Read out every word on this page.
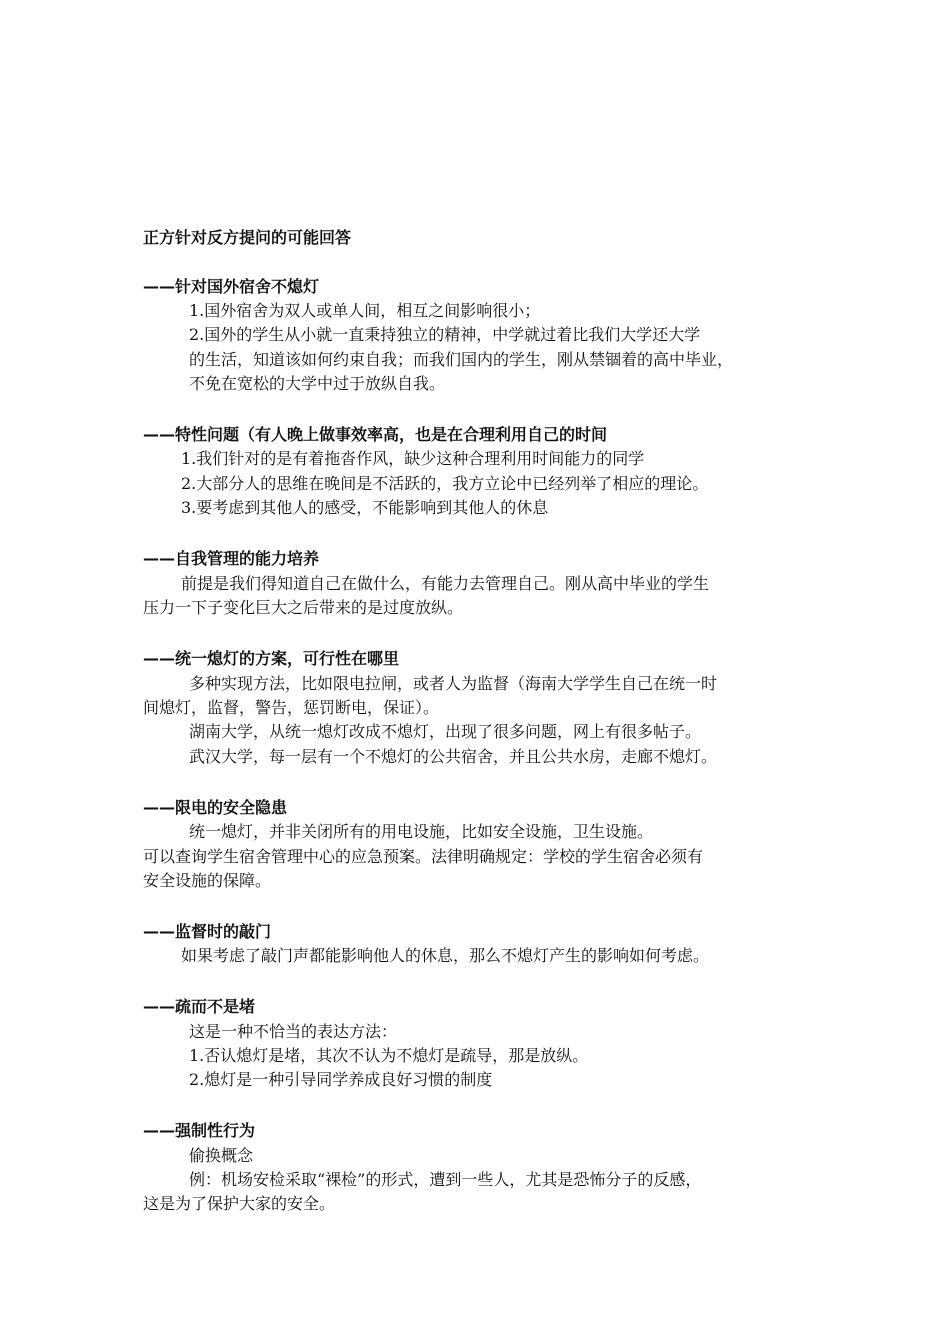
正方针对反方提问的可能回答
——针对国外宿舍不熄灯
1.国外宿舍为双人或单人间，相互之间影响很小；
2.国外的学生从小就一直秉持独立的精神，中学就过着比我们大学还大学
的生活，知道该如何约束自我；而我们国内的学生，刚从禁锢着的高中毕业，
不免在宽松的大学中过于放纵自我。
——特性问题（有人晚上做事效率高，也是在合理利用自己的时间
1.我们针对的是有着拖沓作风，缺少这种合理利用时间能力的同学
2.大部分人的思维在晚间是不活跃的，我方立论中已经列举了相应的理论。
3.要考虑到其他人的感受，不能影响到其他人的休息
——自我管理的能力培养
前提是我们得知道自己在做什么，有能力去管理自己。刚从高中毕业的学生
压力一下子变化巨大之后带来的是过度放纵。
——统一熄灯的方案，可行性在哪里
多种实现方法，比如限电拉闸，或者人为监督（海南大学学生自己在统一时
间熄灯，监督，警告，惩罚断电，保证）。
湖南大学，从统一熄灯改成不熄灯，出现了很多问题，网上有很多帖子。
武汉大学，每一层有一个不熄灯的公共宿舍，并且公共水房，走廊不熄灯。
——限电的安全隐患
统一熄灯，并非关闭所有的用电设施，比如安全设施，卫生设施。
可以查询学生宿舍管理中心的应急预案。法律明确规定：学校的学生宿舍必须有
安全设施的保障。
——监督时的敲门
如果考虑了敲门声都能影响他人的休息，那么不熄灯产生的影响如何考虑。
——疏而不是堵
这是一种不恰当的表达方法：
1.否认熄灯是堵，其次不认为不熄灯是疏导，那是放纵。
2.熄灯是一种引导同学养成良好习惯的制度
——强制性行为
偷换概念
例：机场安检采取“裸检”的形式，遭到一些人，尤其是恐怖分子的反感，
这是为了保护大家的安全。
